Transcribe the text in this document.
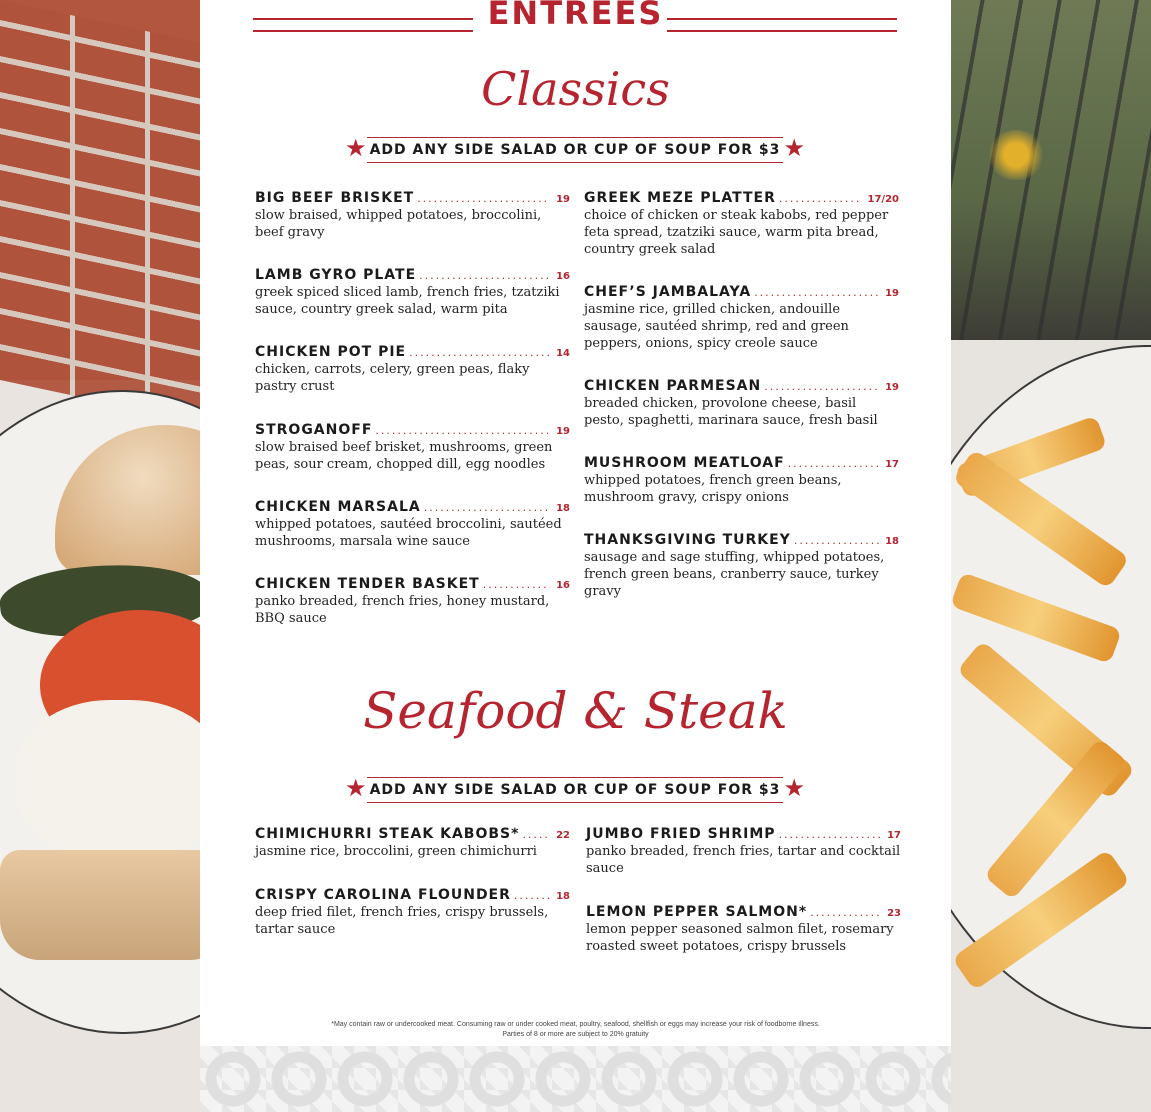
ENTREES
Classics
★ ADD ANY SIDE SALAD OR CUP OF SOUP FOR $3 ★
BIG BEEF BRISKET .....	19
slow braised, whipped potatoes, broccolini, beef gravy
LAMB GYRO PLATE .....	16
greek spiced sliced lamb, french fries, tzatziki sauce, country greek salad, warm pita
CHICKEN POT PIE .....	14
chicken, carrots, celery, green peas, flaky pastry crust
STROGANOFF .....	19
slow braised beef brisket, mushrooms, green peas, sour cream, chopped dill, egg noodles
CHICKEN MARSALA .....	18
whipped potatoes, sautéed broccolini, sautéed mushrooms, marsala wine sauce
CHICKEN TENDER BASKET .....	16
panko breaded, french fries, honey mustard, BBQ sauce
GREEK MEZE PLATTER .....	17/20
choice of chicken or steak kabobs, red pepper feta spread, tzatziki sauce, warm pita bread, country greek salad
CHEF’S JAMBALAYA .....	19
jasmine rice, grilled chicken, andouille sausage, sautéed shrimp, red and green peppers, onions, spicy creole sauce
CHICKEN PARMESAN .....	19
breaded chicken, provolone cheese, basil pesto, spaghetti, marinara sauce, fresh basil
MUSHROOM MEATLOAF .....	17
whipped potatoes, french green beans, mushroom gravy, crispy onions
THANKSGIVING TURKEY .....	18
sausage and sage stuffing, whipped potatoes, french green beans, cranberry sauce, turkey gravy
Seafood & Steak
★ ADD ANY SIDE SALAD OR CUP OF SOUP FOR $3 ★
CHIMICHURRI STEAK KABOBS* .....	22
jasmine rice, broccolini, green chimichurri
CRISPY CAROLINA FLOUNDER .....	18
deep fried filet, french fries, crispy brussels, tartar sauce
JUMBO FRIED SHRIMP .....	17
panko breaded, french fries, tartar and cocktail sauce
LEMON PEPPER SALMON* .....	23
lemon pepper seasoned salmon filet, rosemary roasted sweet potatoes, crispy brussels
*May contain raw or undercooked meat. Consuming raw or under cooked meat, poultry, seafood, shellfish or eggs may increase your risk of foodborne illness.
Parties of 8 or more are subject to 20% gratuity
